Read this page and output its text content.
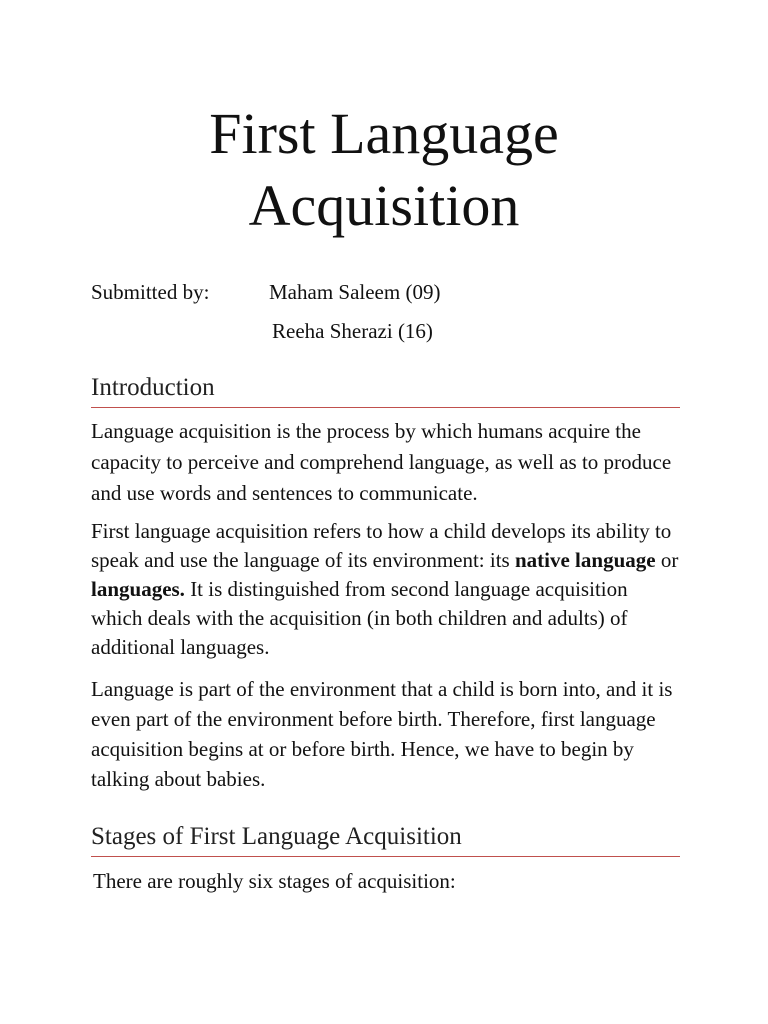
First Language
Acquisition
Submitted by:	Maham Saleem (09)
Reeha Sherazi (16)
Introduction

Language acquisition is the process by which humans acquire the capacity to perceive and comprehend language, as well as to produce and use words and sentences to communicate.

First language acquisition refers to how a child develops its ability to speak and use the language of its environment: its native language or languages. It is distinguished from second language acquisition which deals with the acquisition (in both children and adults) of additional languages.

Language is part of the environment that a child is born into, and it is even part of the environment before birth. Therefore, first language acquisition begins at or before birth. Hence, we have to begin by talking about babies.

Stages of First Language Acquisition

There are roughly six stages of acquisition:
